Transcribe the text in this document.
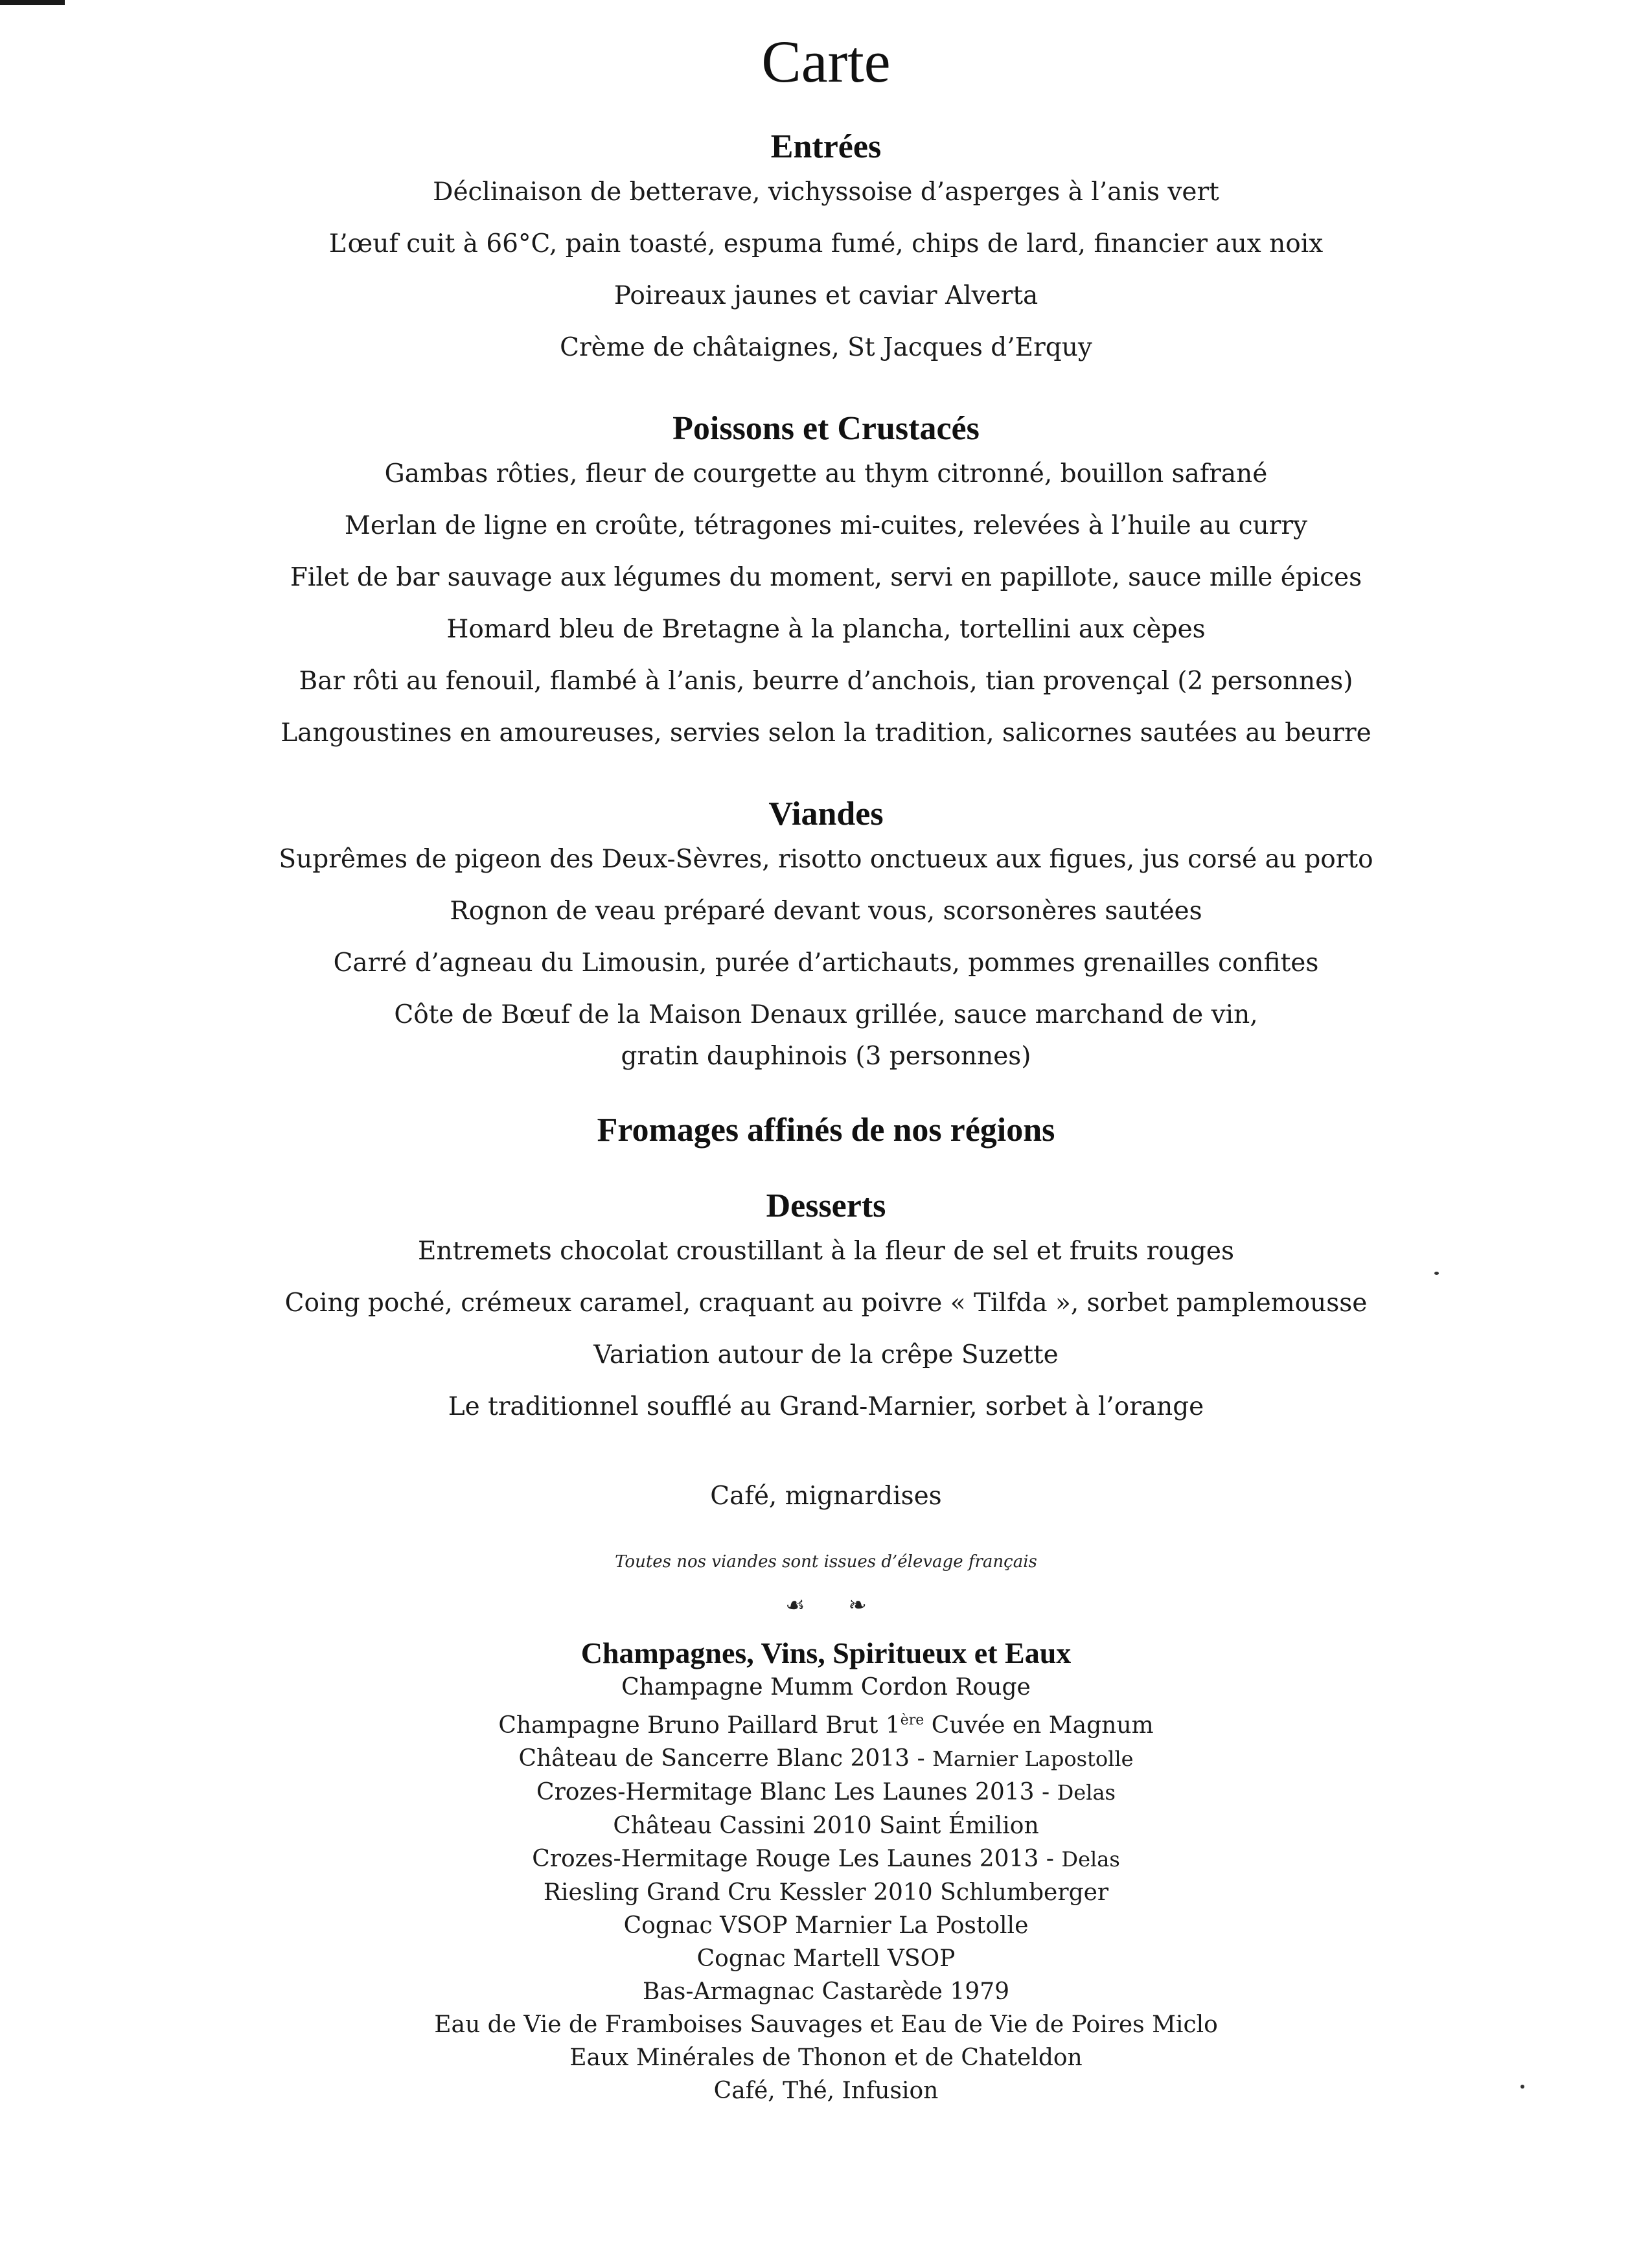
Carte
Entrées
Déclinaison de betterave, vichyssoise d’asperges à l’anis vert
L’œuf cuit à 66°C, pain toasté, espuma fumé, chips de lard, financier aux noix
Poireaux jaunes et caviar Alverta
Crème de châtaignes, St Jacques d’Erquy
Poissons et Crustacés
Gambas rôties, fleur de courgette au thym citronné, bouillon safrané
Merlan de ligne en croûte, tétragones mi-cuites, relevées à l’huile au curry
Filet de bar sauvage aux légumes du moment, servi en papillote, sauce mille épices
Homard bleu de Bretagne à la plancha, tortellini aux cèpes
Bar rôti au fenouil, flambé à l’anis, beurre d’anchois, tian provençal (2 personnes)
Langoustines en amoureuses, servies selon la tradition, salicornes sautées au beurre
Viandes
Suprêmes de pigeon des Deux-Sèvres, risotto onctueux aux figues, jus corsé au porto
Rognon de veau préparé devant vous, scorsonères sautées
Carré d’agneau du Limousin, purée d’artichauts, pommes grenailles confites
Côte de Bœuf de la Maison Denaux grillée, sauce marchand de vin,
gratin dauphinois (3 personnes)
Fromages affinés de nos régions
Desserts
Entremets chocolat croustillant à la fleur de sel et fruits rouges
Coing poché, crémeux caramel, craquant au poivre « Tilfda », sorbet pamplemousse
Variation autour de la crêpe Suzette
Le traditionnel soufflé au Grand-Marnier, sorbet à l’orange
Café, mignardises
Toutes nos viandes sont issues d’élevage français
☙ ❧
Champagnes, Vins, Spiritueux et Eaux
Champagne Mumm Cordon Rouge
Champagne Bruno Paillard Brut 1ère Cuvée en Magnum
Château de Sancerre Blanc 2013 - Marnier Lapostolle
Crozes-Hermitage Blanc Les Launes 2013 - Delas
Château Cassini 2010 Saint Émilion
Crozes-Hermitage Rouge Les Launes 2013 - Delas
Riesling Grand Cru Kessler 2010 Schlumberger
Cognac VSOP Marnier La Postolle
Cognac Martell VSOP
Bas-Armagnac Castarède 1979
Eau de Vie de Framboises Sauvages et Eau de Vie de Poires Miclo
Eaux Minérales de Thonon et de Chateldon
Café, Thé, Infusion
